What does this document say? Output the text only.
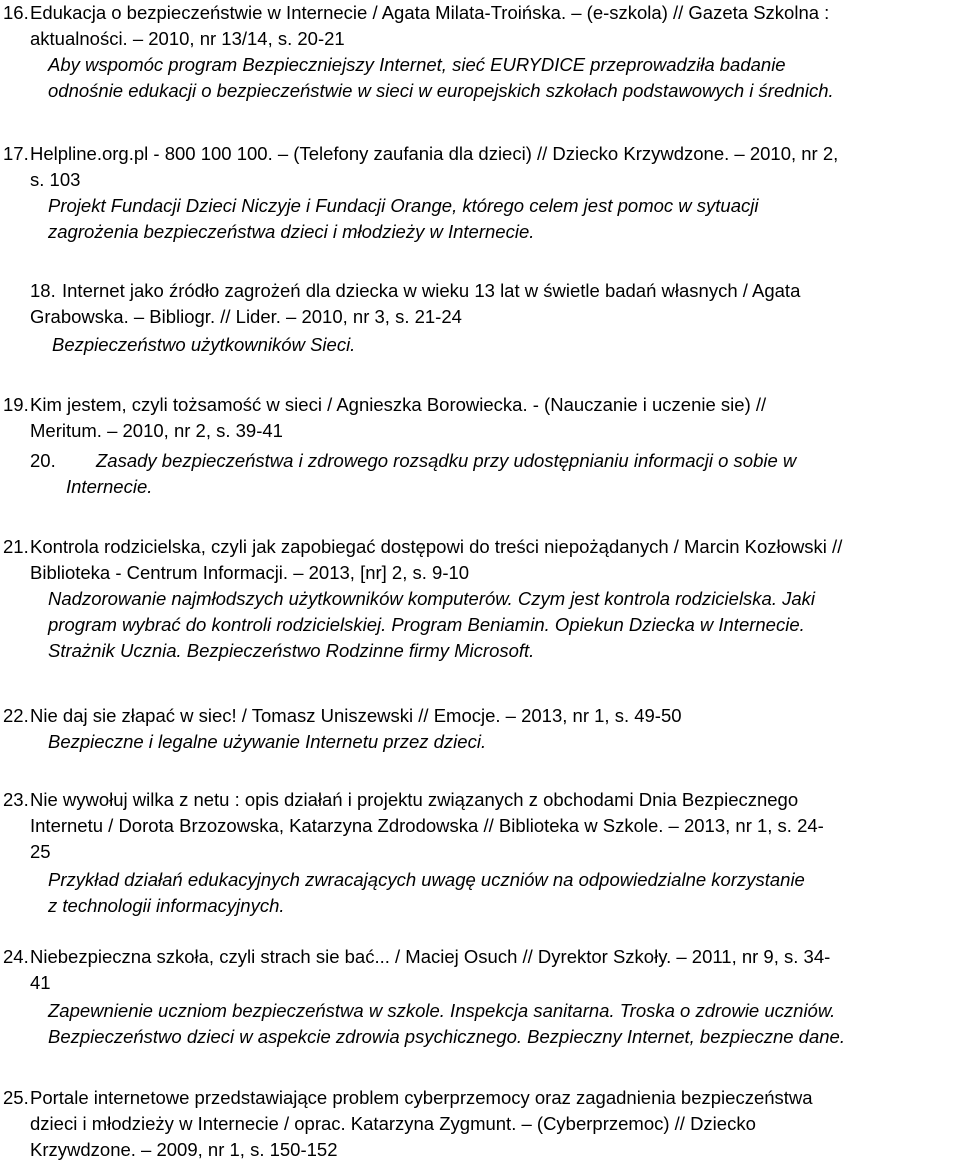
16. Edukacja o bezpieczeństwie w Internecie / Agata Milata-Troińska. – (e-szkola) // Gazeta Szkolna :
aktualności. – 2010, nr 13/14, s. 20-21
Aby wspomóc program Bezpieczniejszy Internet, sieć EURYDICE przeprowadziła badanie
odnośnie edukacji o bezpieczeństwie w sieci w europejskich szkołach podstawowych i średnich.
17. Helpline.org.pl - 800 100 100. – (Telefony zaufania dla dzieci) // Dziecko Krzywdzone. – 2010, nr 2,
s. 103
Projekt Fundacji Dzieci Niczyje i Fundacji Orange, którego celem jest pomoc w sytuacji
zagrożenia bezpieczeństwa dzieci i młodzieży w Internecie.
18. Internet jako źródło zagrożeń dla dziecka w wieku 13 lat w świetle badań własnych / Agata
Grabowska. – Bibliogr. // Lider. – 2010, nr 3, s. 21-24
Bezpieczeństwo użytkowników Sieci.
19. Kim jestem, czyli tożsamość w sieci / Agnieszka Borowiecka. - (Nauczanie i uczenie sie) //
Meritum. – 2010, nr 2, s. 39-41
20. Zasady bezpieczeństwa i zdrowego rozsądku przy udostępnianiu informacji o sobie w
Internecie.
21. Kontrola rodzicielska, czyli jak zapobiegać dostępowi do treści niepożądanych / Marcin Kozłowski //
Biblioteka - Centrum Informacji. – 2013, [nr] 2, s. 9-10
Nadzorowanie najmłodszych użytkowników komputerów. Czym jest kontrola rodzicielska. Jaki
program wybrać do kontroli rodzicielskiej. Program Beniamin. Opiekun Dziecka w Internecie.
Strażnik Ucznia. Bezpieczeństwo Rodzinne firmy Microsoft.
22. Nie daj sie złapać w siec! / Tomasz Uniszewski // Emocje. – 2013, nr 1, s. 49-50
Bezpieczne i legalne używanie Internetu przez dzieci.
23. Nie wywołuj wilka z netu : opis działań i projektu związanych z obchodami Dnia Bezpiecznego
Internetu / Dorota Brzozowska, Katarzyna Zdrodowska // Biblioteka w Szkole. – 2013, nr 1, s. 24-
25
Przykład działań edukacyjnych zwracających uwagę uczniów na odpowiedzialne korzystanie
z technologii informacyjnych.
24. Niebezpieczna szkoła, czyli strach sie bać... / Maciej Osuch // Dyrektor Szkoły. – 2011, nr 9, s. 34-
41
Zapewnienie uczniom bezpieczeństwa w szkole. Inspekcja sanitarna. Troska o zdrowie uczniów.
Bezpieczeństwo dzieci w aspekcie zdrowia psychicznego. Bezpieczny Internet, bezpieczne dane.
25. Portale internetowe przedstawiające problem cyberprzemocy oraz zagadnienia bezpieczeństwa
dzieci i młodzieży w Internecie / oprac. Katarzyna Zygmunt. – (Cyberprzemoc) // Dziecko
Krzywdzone. – 2009, nr 1, s. 150-152
